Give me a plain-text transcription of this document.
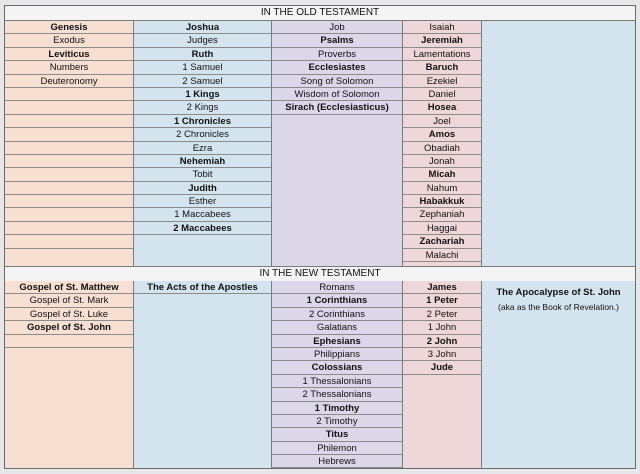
IN THE OLD TESTAMENT
Genesis
Exodus
Leviticus
Numbers
Deuteronomy
Joshua
Judges
Ruth
1 Samuel
2 Samuel
1 Kings
2 Kings
1 Chronicles
2 Chronicles
Ezra
Nehemiah
Tobit
Judith
Esther
1 Maccabees
2 Maccabees
Job
Psalms
Proverbs
Ecclesiastes
Song of Solomon
Wisdom of Solomon
Sirach (Ecclesiasticus)
Isaiah
Jeremiah
Lamentations
Baruch
Ezekiel
Daniel
Hosea
Joel
Amos
Obadiah
Jonah
Micah
Nahum
Habakkuk
Zephaniah
Haggai
Zachariah
Malachi
IN THE NEW TESTAMENT
Gospel of St. Matthew
Gospel of St. Mark
Gospel of St. Luke
Gospel of St. John
The Acts of the Apostles	Romans
1 Corinthians
2 Corinthians
Galatians
Ephesians
Philippians
Colossians
1 Thessalonians
2 Thessalonians
1 Timothy
2 Timothy
Titus
Philemon
Hebrews
James
1 Peter
2 Peter
1 John
2 John
3 John
Jude
The Apocalypse of St. John
(aka as the Book of Revelation.)
